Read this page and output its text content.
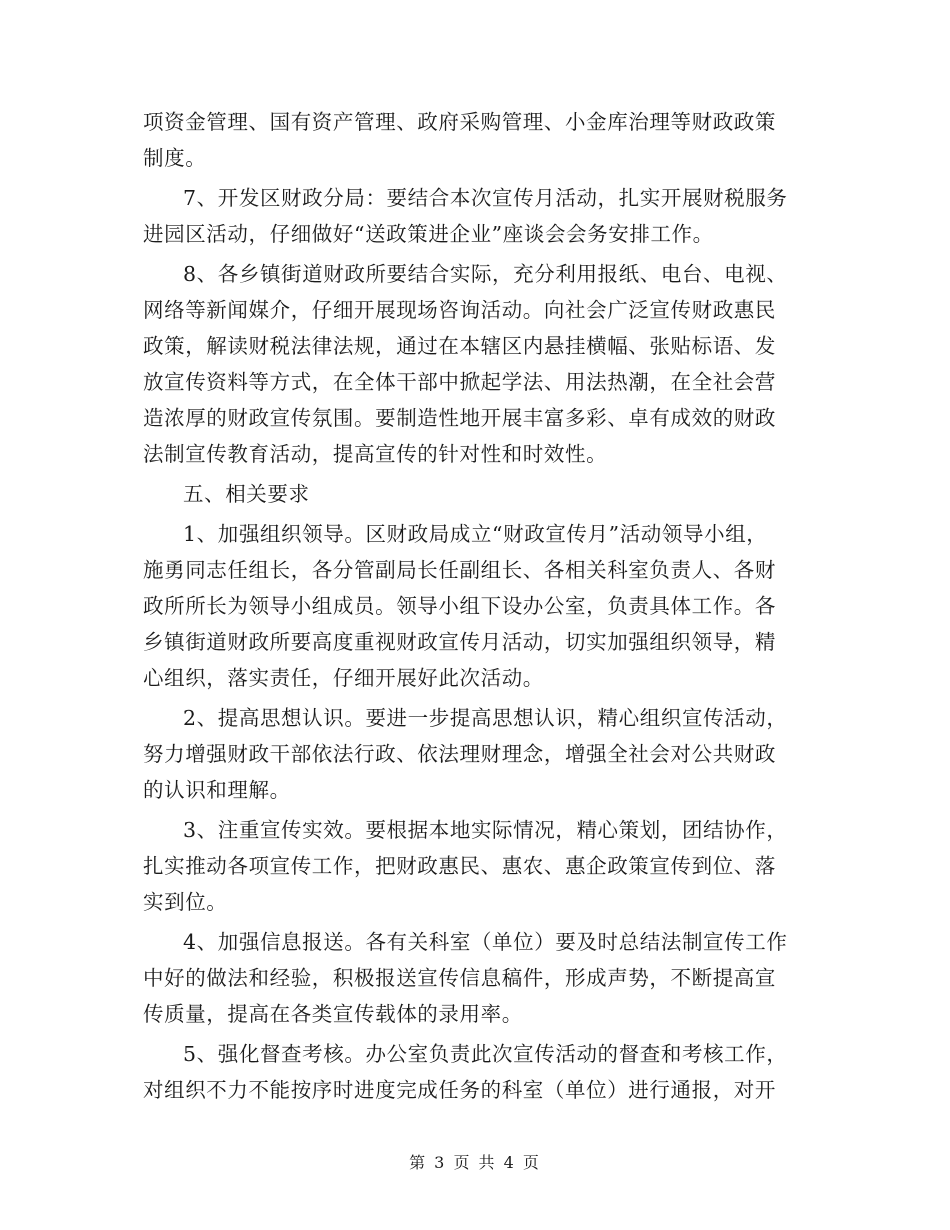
项资金管理、国有资产管理、政府采购管理、小金库治理等财政政策
制度。
7、开发区财政分局：要结合本次宣传月活动，扎实开展财税服务
进园区活动，仔细做好“送政策进企业”座谈会会务安排工作。
8、各乡镇街道财政所要结合实际，充分利用报纸、电台、电视、
网络等新闻媒介，仔细开展现场咨询活动。向社会广泛宣传财政惠民
政策，解读财税法律法规，通过在本辖区内悬挂横幅、张贴标语、发
放宣传资料等方式，在全体干部中掀起学法、用法热潮，在全社会营
造浓厚的财政宣传氛围。要制造性地开展丰富多彩、卓有成效的财政
法制宣传教育活动，提高宣传的针对性和时效性。
五、相关要求
1、加强组织领导。区财政局成立“财政宣传月”活动领导小组，
施勇同志任组长，各分管副局长任副组长、各相关科室负责人、各财
政所所长为领导小组成员。领导小组下设办公室，负责具体工作。各
乡镇街道财政所要高度重视财政宣传月活动，切实加强组织领导，精
心组织，落实责任，仔细开展好此次活动。
2、提高思想认识。要进一步提高思想认识，精心组织宣传活动，
努力增强财政干部依法行政、依法理财理念，增强全社会对公共财政
的认识和理解。
3、注重宣传实效。要根据本地实际情况，精心策划，团结协作，
扎实推动各项宣传工作，把财政惠民、惠农、惠企政策宣传到位、落
实到位。
4、加强信息报送。各有关科室（单位）要及时总结法制宣传工作
中好的做法和经验，积极报送宣传信息稿件，形成声势，不断提高宣
传质量，提高在各类宣传载体的录用率。
5、强化督查考核。办公室负责此次宣传活动的督查和考核工作，
对组织不力不能按序时进度完成任务的科室（单位）进行通报，对开
第 3 页 共 4 页
